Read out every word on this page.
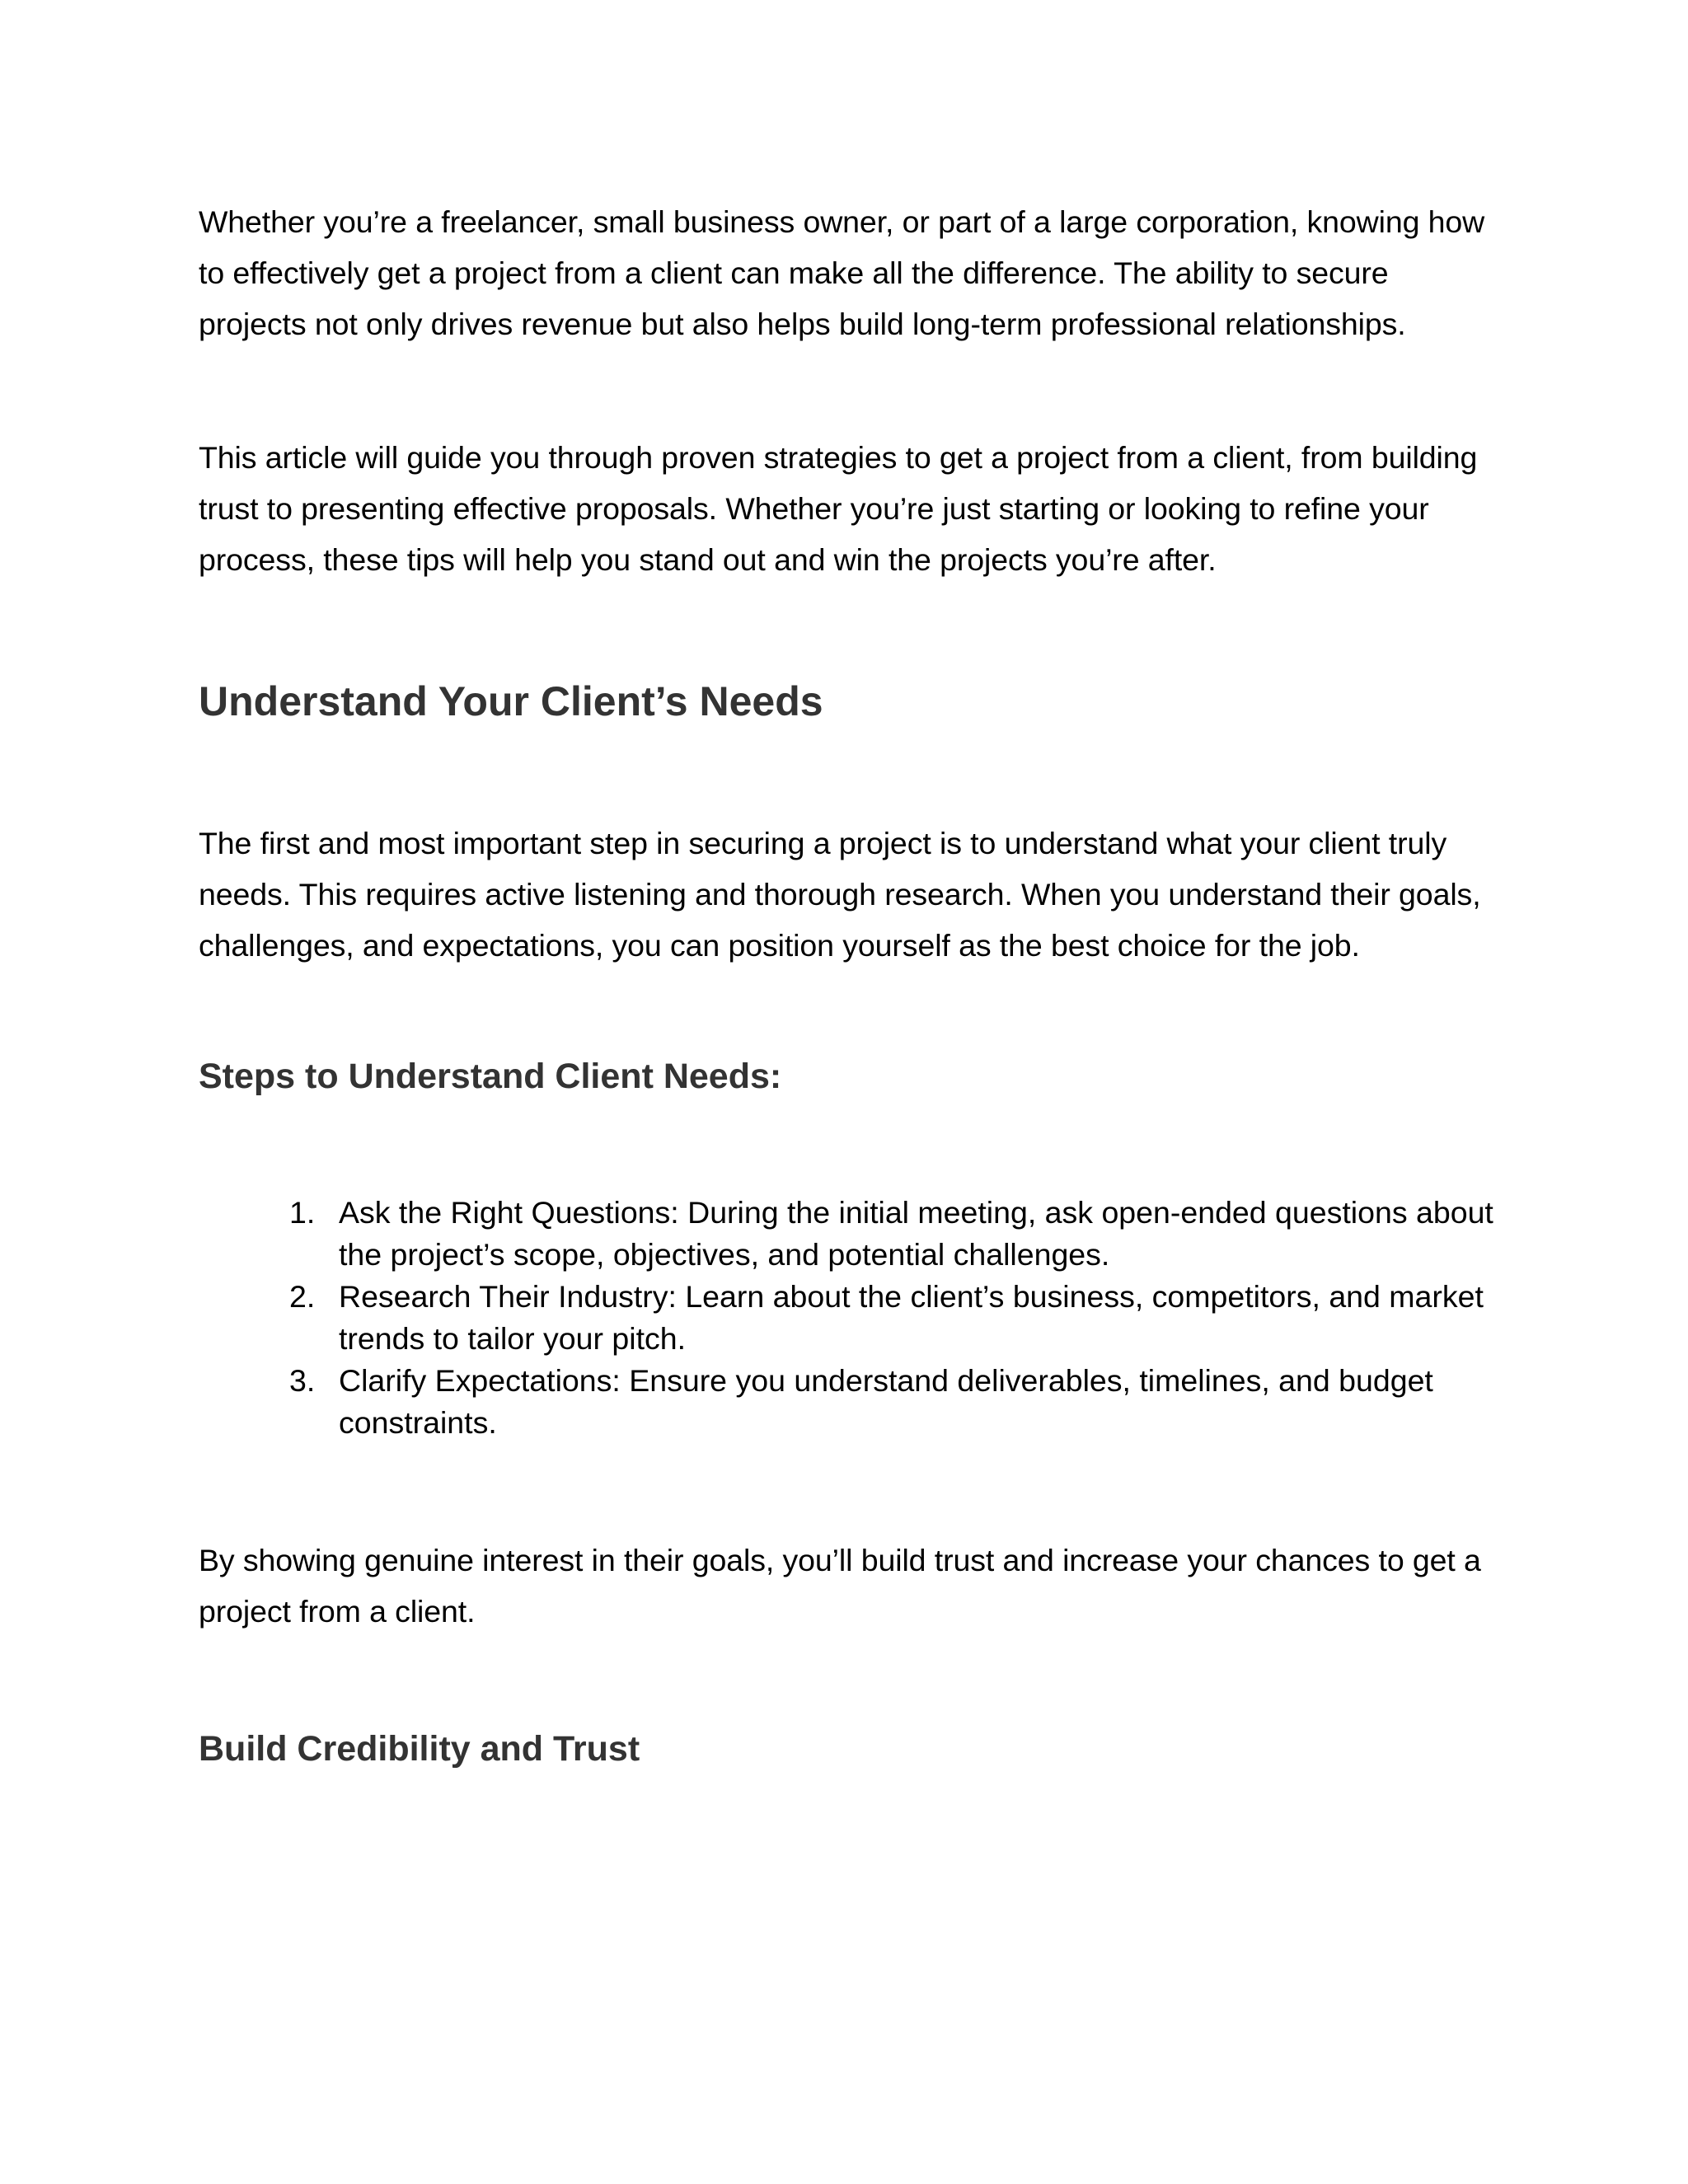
Whether you’re a freelancer, small business owner, or part of a large corporation, knowing how to effectively get a project from a client can make all the difference. The ability to secure projects not only drives revenue but also helps build long-term professional relationships.

This article will guide you through proven strategies to get a project from a client, from building trust to presenting effective proposals. Whether you’re just starting or looking to refine your process, these tips will help you stand out and win the projects you’re after.

Understand Your Client’s Needs

The first and most important step in securing a project is to understand what your client truly needs. This requires active listening and thorough research. When you understand their goals, challenges, and expectations, you can position yourself as the best choice for the job.

Steps to Understand Client Needs:
1. Ask the Right Questions: During the initial meeting, ask open-ended questions about the project’s scope, objectives, and potential challenges.
2. Research Their Industry: Learn about the client’s business, competitors, and market trends to tailor your pitch.
3. Clarify Expectations: Ensure you understand deliverables, timelines, and budget constraints.

By showing genuine interest in their goals, you’ll build trust and increase your chances to get a project from a client.

Build Credibility and Trust
